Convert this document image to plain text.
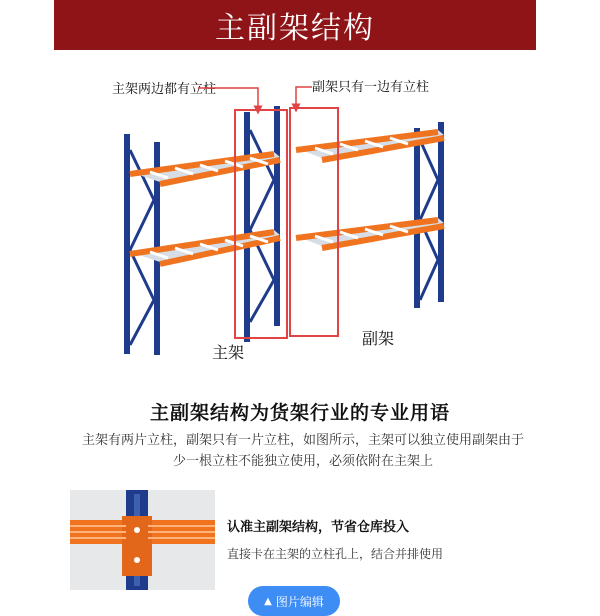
主副架结构
主架两边都有立柱	副架只有一边有立柱
主架
副架
主副架结构为货架行业的专业用语
主架有两片立柱，副架只有一片立柱，如图所示，主架可以独立使用副架由于少一根立柱不能独立使用，必须依附在主架上
认准主副架结构，节省仓库投入
直接卡在主架的立柱孔上，结合并排使用
▲ 图片编辑
